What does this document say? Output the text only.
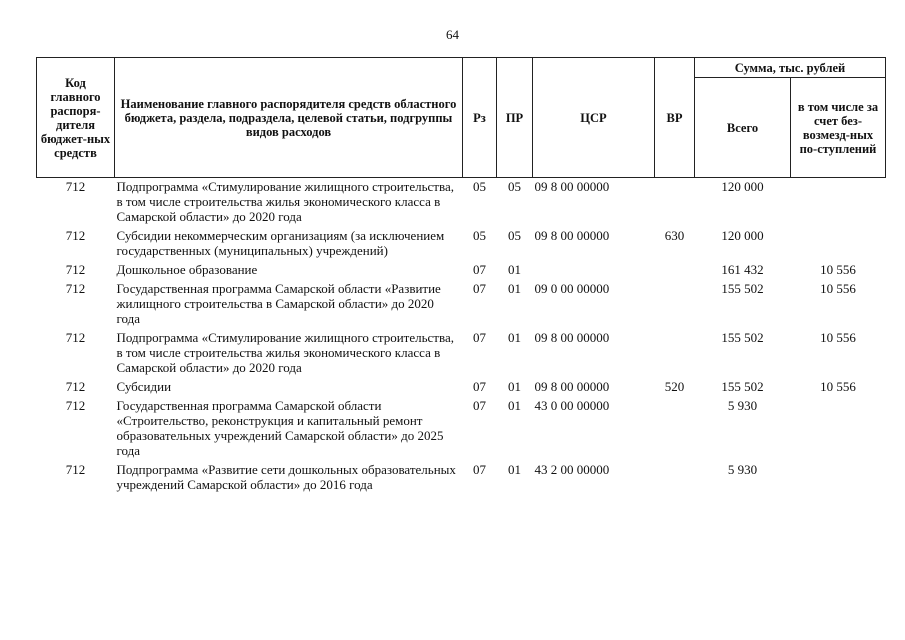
64
Код главного распоря-дителя бюджет-ных средств	Наименование главного распорядителя средств областного бюджета, раздела, подраздела, целевой статьи, подгруппы видов расходов	Рз	ПР	ЦСР	ВР	Сумма, тыс. рублей	
						Всего	в том числе за счет без-возмезд-ных по-ступлений
712	Подпрограмма «Стимулирование жилищного строительства, в том числе строительства жилья экономического класса в Самарской области» до 2020 года	05	05	09 8 00 00000		120 000	
712	Субсидии некоммерческим организациям (за исключением государственных (муниципальных) учреждений)	05	05	09 8 00 00000	630	120 000	
712	Дошкольное образование	07	01			161 432	10 556
712	Государственная программа Самарской области «Развитие жилищного строительства в Самарской области» до 2020 года	07	01	09 0 00 00000		155 502	10 556
712	Подпрограмма «Стимулирование жилищного строительства, в том числе строительства жилья экономического класса в Самарской области» до 2020 года	07	01	09 8 00 00000		155 502	10 556
712	Субсидии	07	01	09 8 00 00000	520	155 502	10 556
712	Государственная программа Самарской области «Строительство, реконструкция и капитальный ремонт образовательных учреждений Самарской области» до 2025 года	07	01	43 0 00 00000		5 930	
712	Подпрограмма «Развитие сети дошкольных образовательных учреждений Самарской области» до 2016 года	07	01	43 2 00 00000		5 930	
